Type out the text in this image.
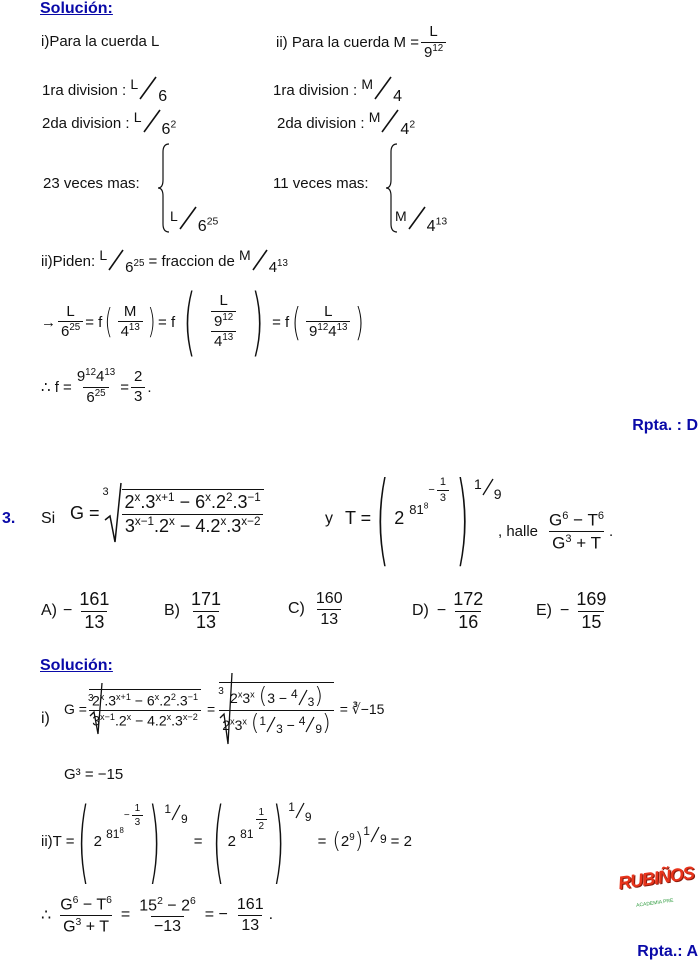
Solución:
i)Para la cuerda L	ii) Para la cuerda $M = \frac{L}{9^{12}}$
1ra division : L6	1ra division : M4
2da division : $L6^2$	2da division : $M4^2$
23 veces mas:
$L6^{25}$
11 veces mas:
$M4^{13}$
ii)Piden: $L6^{25}$ = fraccion de $M4^{13}$
→ $\frac{L}{6^{25}} = f$ ( $\frac{M}{4^{13}}$ ) = f ( $\frac{\frac{L}{9^{12}}}{4^{13}}$ ) = f ( $\frac{L}{9^{12}4^{13}}$ )
∴ $f = \frac{9^{12}4^{13}}{6^{25}} = \frac{2}{3}$ .
Rpta. : D
3. Si G =
$3 \frac{2^x.3^{x+1} - 6^x.2^2.3^{-1}}{3^{x-1}.2^x - 4.2^x.3^{x-2}}$	y T = ( 2 $^{81^8}$
− $\frac{1}{3}$ ) 1
9
, halle $\frac{G^6 - T^6}{G^3 + T}$ .
$A) - \frac{161}{13}$	$B) \frac{171}{13}$	$C) \frac{160}{13}$	$D) - \frac{172}{16}$	$E) - \frac{169}{15}$
Solución:
i)
G =
3
$\frac{2^x.3^{x+1} - 6^x.2^2.3^{-1}}{3^{x-1}.2^x - 4.2^x.3^{x-2}}$ =
3
$\frac{2^x3^x (3 - 43)}{2^x3^x (13 - 49)}$ = ∛−15
G³ = −15
ii)T = ( 2 $^{81^8}$
− $\frac{1}{3}$ ) 1
9
= ( 2 $^{81}$
$\frac{1}{2}$ ) 1
9
= ( $2^9$ ) 1
9 = 2
∴ $\frac{G^6 - T^6}{G^3 + T} = \frac{15^2 - 2^6}{-13}$ = − $\frac{161}{13}$ .
RUBIÑOS
ACADEMIA PRE
Rpta.: A
